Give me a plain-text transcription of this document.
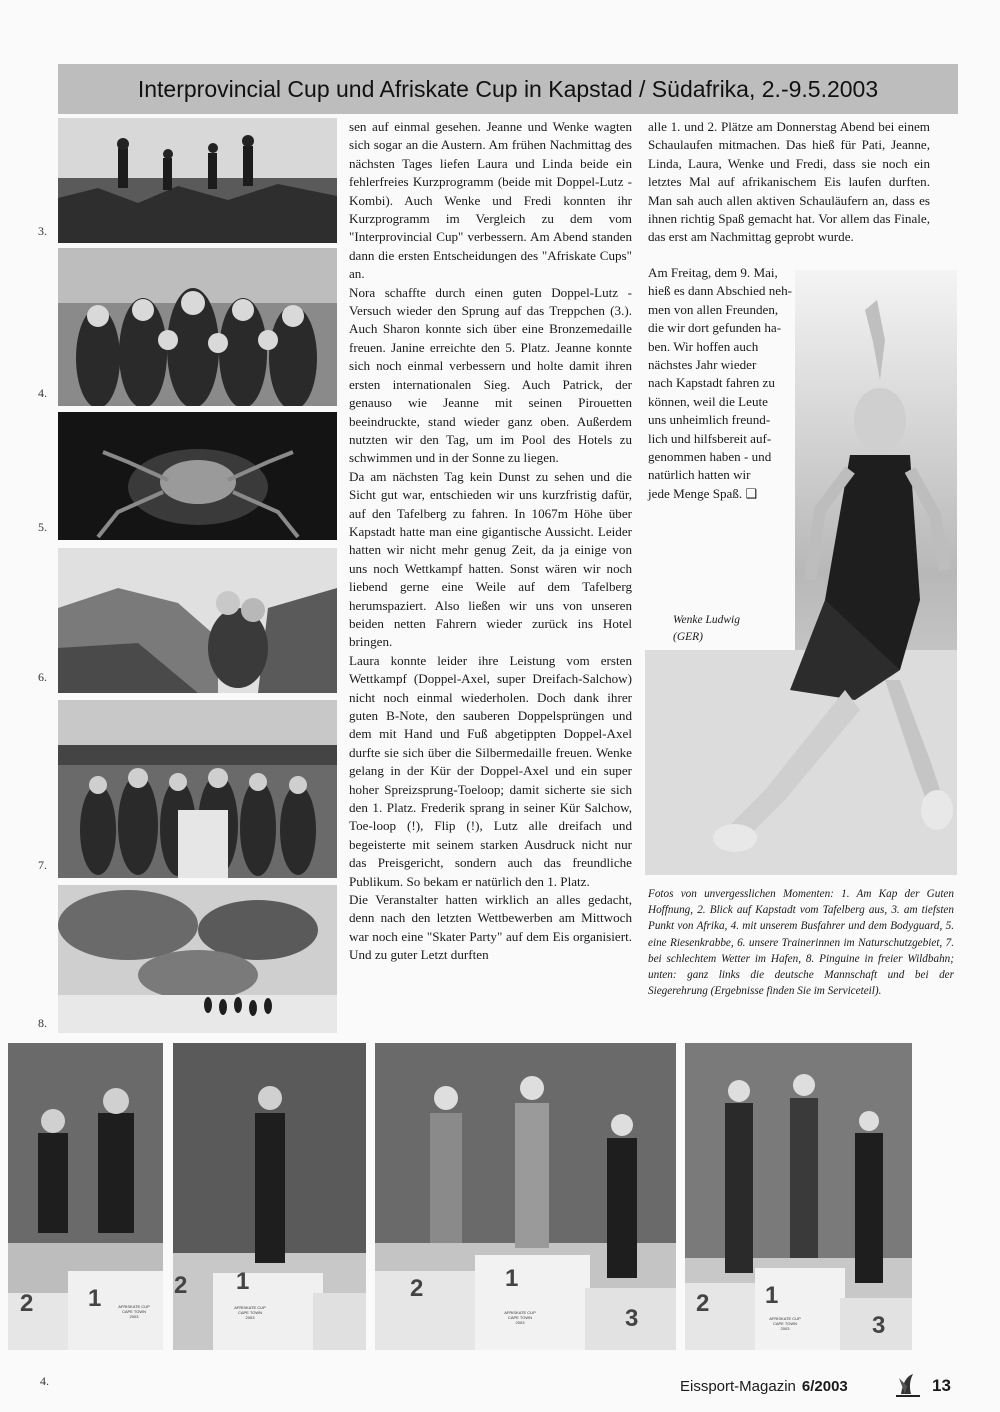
Interprovincial Cup und Afriskate Cup in Kapstad / Südafrika, 2.-9.5.2003
3.
4.
5.
6.
7.
8.

sen auf einmal gesehen. Jeanne und Wenke wagten sich sogar an die Austern. Am frühen Nachmittag des nächsten Tages liefen Laura und Linda beide ein fehlerfreies Kurzprogramm (beide mit Doppel-Lutz - Kombi). Auch Wenke und Fredi konnten ihr Kurzprogramm im Vergleich zu dem vom "Interprovincial Cup" verbessern. Am Abend standen dann die ersten Entscheidungen des "Afriskate Cups" an.

Nora schaffte durch einen guten Doppel-Lutz - Versuch wieder den Sprung auf das Treppchen (3.). Auch Sharon konnte sich über eine Bronzemedaille freuen. Janine erreichte den 5. Platz. Jeanne konnte sich noch einmal verbessern und holte damit ihren ersten internationalen Sieg. Auch Patrick, der genauso wie Jeanne mit seinen Pirouetten beeindruckte, stand wieder ganz oben. Außerdem nutzten wir den Tag, um im Pool des Hotels zu schwimmen und in der Sonne zu liegen.

Da am nächsten Tag kein Dunst zu sehen und die Sicht gut war, entschieden wir uns kurzfristig dafür, auf den Tafelberg zu fahren. In 1067m Höhe über Kapstadt hatte man eine gigantische Aussicht. Leider hatten wir nicht mehr genug Zeit, da ja einige von uns noch Wettkampf hatten. Sonst wären wir noch liebend gerne eine Weile auf dem Tafelberg herumspaziert. Also ließen wir uns von unseren beiden netten Fahrern wieder zurück ins Hotel bringen.

Laura konnte leider ihre Leistung vom ersten Wettkampf (Doppel-Axel, super Dreifach-Salchow) nicht noch einmal wiederholen. Doch dank ihrer guten B-Note, den sauberen Doppelsprüngen und dem mit Hand und Fuß abgetippten Doppel-Axel durfte sie sich über die Silbermedaille freuen. Wenke gelang in der Kür der Doppel-Axel und ein super hoher Spreizsprung-Toeloop; damit sicherte sie sich den 1. Platz. Frederik sprang in seiner Kür Salchow, Toe-loop (!), Flip (!), Lutz alle dreifach und begeisterte mit seinem starken Ausdruck nicht nur das Preisgericht, sondern auch das freundliche Publikum. So bekam er natürlich den 1. Platz.

Die Veranstalter hatten wirklich an alles gedacht, denn nach den letzten Wettbewerben am Mittwoch war noch eine "Skater Party" auf dem Eis organisiert. Und zu guter Letzt durften

alle 1. und 2. Plätze am Donnerstag Abend bei einem Schaulaufen mitmachen. Das hieß für Pati, Jeanne, Linda, Laura, Wenke und Fredi, dass sie noch ein letztes Mal auf afrikanischem Eis laufen durften. Man sah auch allen aktiven Schauläufern an, dass es ihnen richtig Spaß gemacht hat. Vor allem das Finale, das erst am Nachmittag geprobt wurde.

Am Freitag, dem 9. Mai,
hieß es dann Abschied neh-
men von allen Freunden,
die wir dort gefunden ha-
ben. Wir hoffen auch
nächstes Jahr wieder
nach Kapstadt fahren zu
können, weil die Leute
uns unheimlich freund-
lich und hilfsbereit auf-
genommen haben - und
natürlich hatten wir
jede Menge Spaß. ❑
Wenke Ludwig
(GER)
Fotos von unvergesslichen Momenten: 1. Am Kap der Guten Hoffnung, 2. Blick auf Kapstadt vom Tafelberg aus, 3. am tiefsten Punkt von Afrika, 4. mit unserem Busfahrer und dem Bodyguard, 5. eine Riesenkrabbe, 6. unsere Trainerinnen im Naturschutzgebiet, 7. bei schlechtem Wetter im Hafen, 8. Pinguine in freier Wildbahn; unten: ganz links die deutsche Mannschaft und bei der Siegerehrung (Ergebnisse finden Sie im Serviceteil).
2 1	AFRISKATE CUP
CAPE TOWN
2003
2 1
AFRISKATE CUP
CAPE TOWN
2003
2	1
3
AFRISKATE CUP
CAPE TOWN
2003
2 1
3
AFRISKATE CUP
CAPE TOWN
2003
4.	Eissport-Magazin 6/2003	13
